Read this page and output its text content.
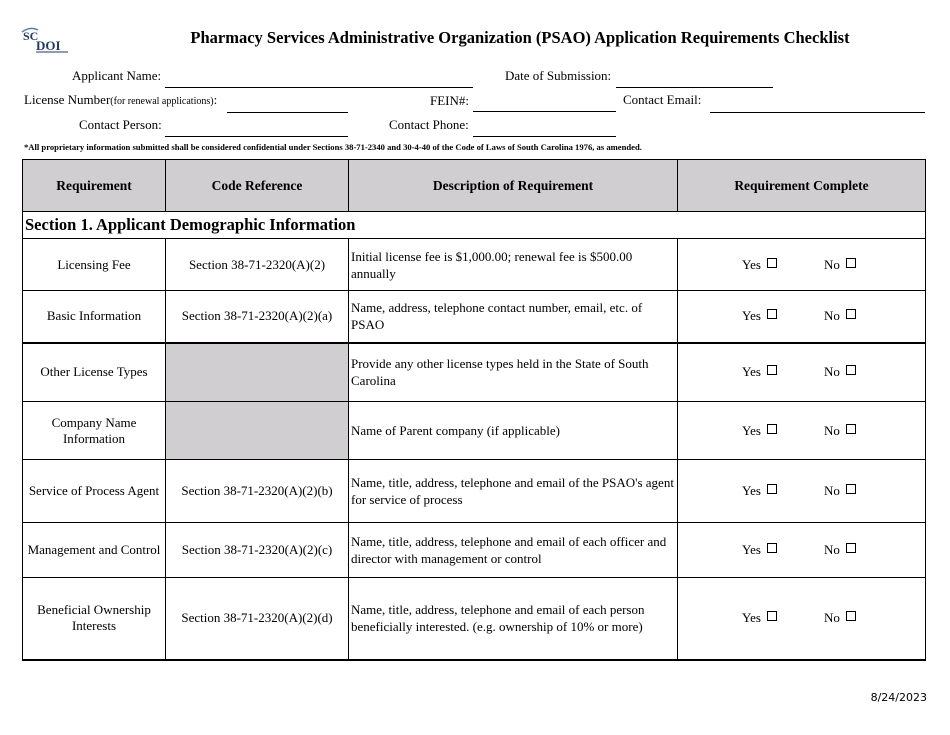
SC
DOI	Pharmacy Services Administrative Organization (PSAO) Application Requirements Checklist
Applicant Name:	Date of Submission:
License Number(for renewal applications):	FEIN#:	Contact Email:
Contact Person:	Contact Phone:
*All proprietary information submitted shall be considered confidential under Sections 38-71-2340 and 30-4-40 of the Code of Laws of South Carolina 1976, as amended.
Requirement	Code Reference	Description of Requirement	Requirement Complete
Section 1. Applicant Demographic Information			
Licensing Fee	Section 38-71-2320(A)(2)	Initial license fee is $1,000.00; renewal fee is $500.00 annually	Yes No

Basic Information	Section 38-71-2320(A)(2)(a)	Name, address, telephone contact number, email, etc. of PSAO	Yes No

Other License Types		Provide any other license types held in the State of South Carolina	Yes No

Company Name Information		Name of Parent company (if applicable)	Yes No

Service of Process Agent	Section 38-71-2320(A)(2)(b)	Name, title, address, telephone and email of the PSAO's agent for service of process	Yes No

Management and Control	Section 38-71-2320(A)(2)(c)	Name, title, address, telephone and email of each officer and director with management or control	Yes No

Beneficial Ownership Interests	Section 38-71-2320(A)(2)(d)	Name, title, address, telephone and email of each person beneficially interested. (e.g. ownership of 10% or more)	Yes No
8/24/2023
